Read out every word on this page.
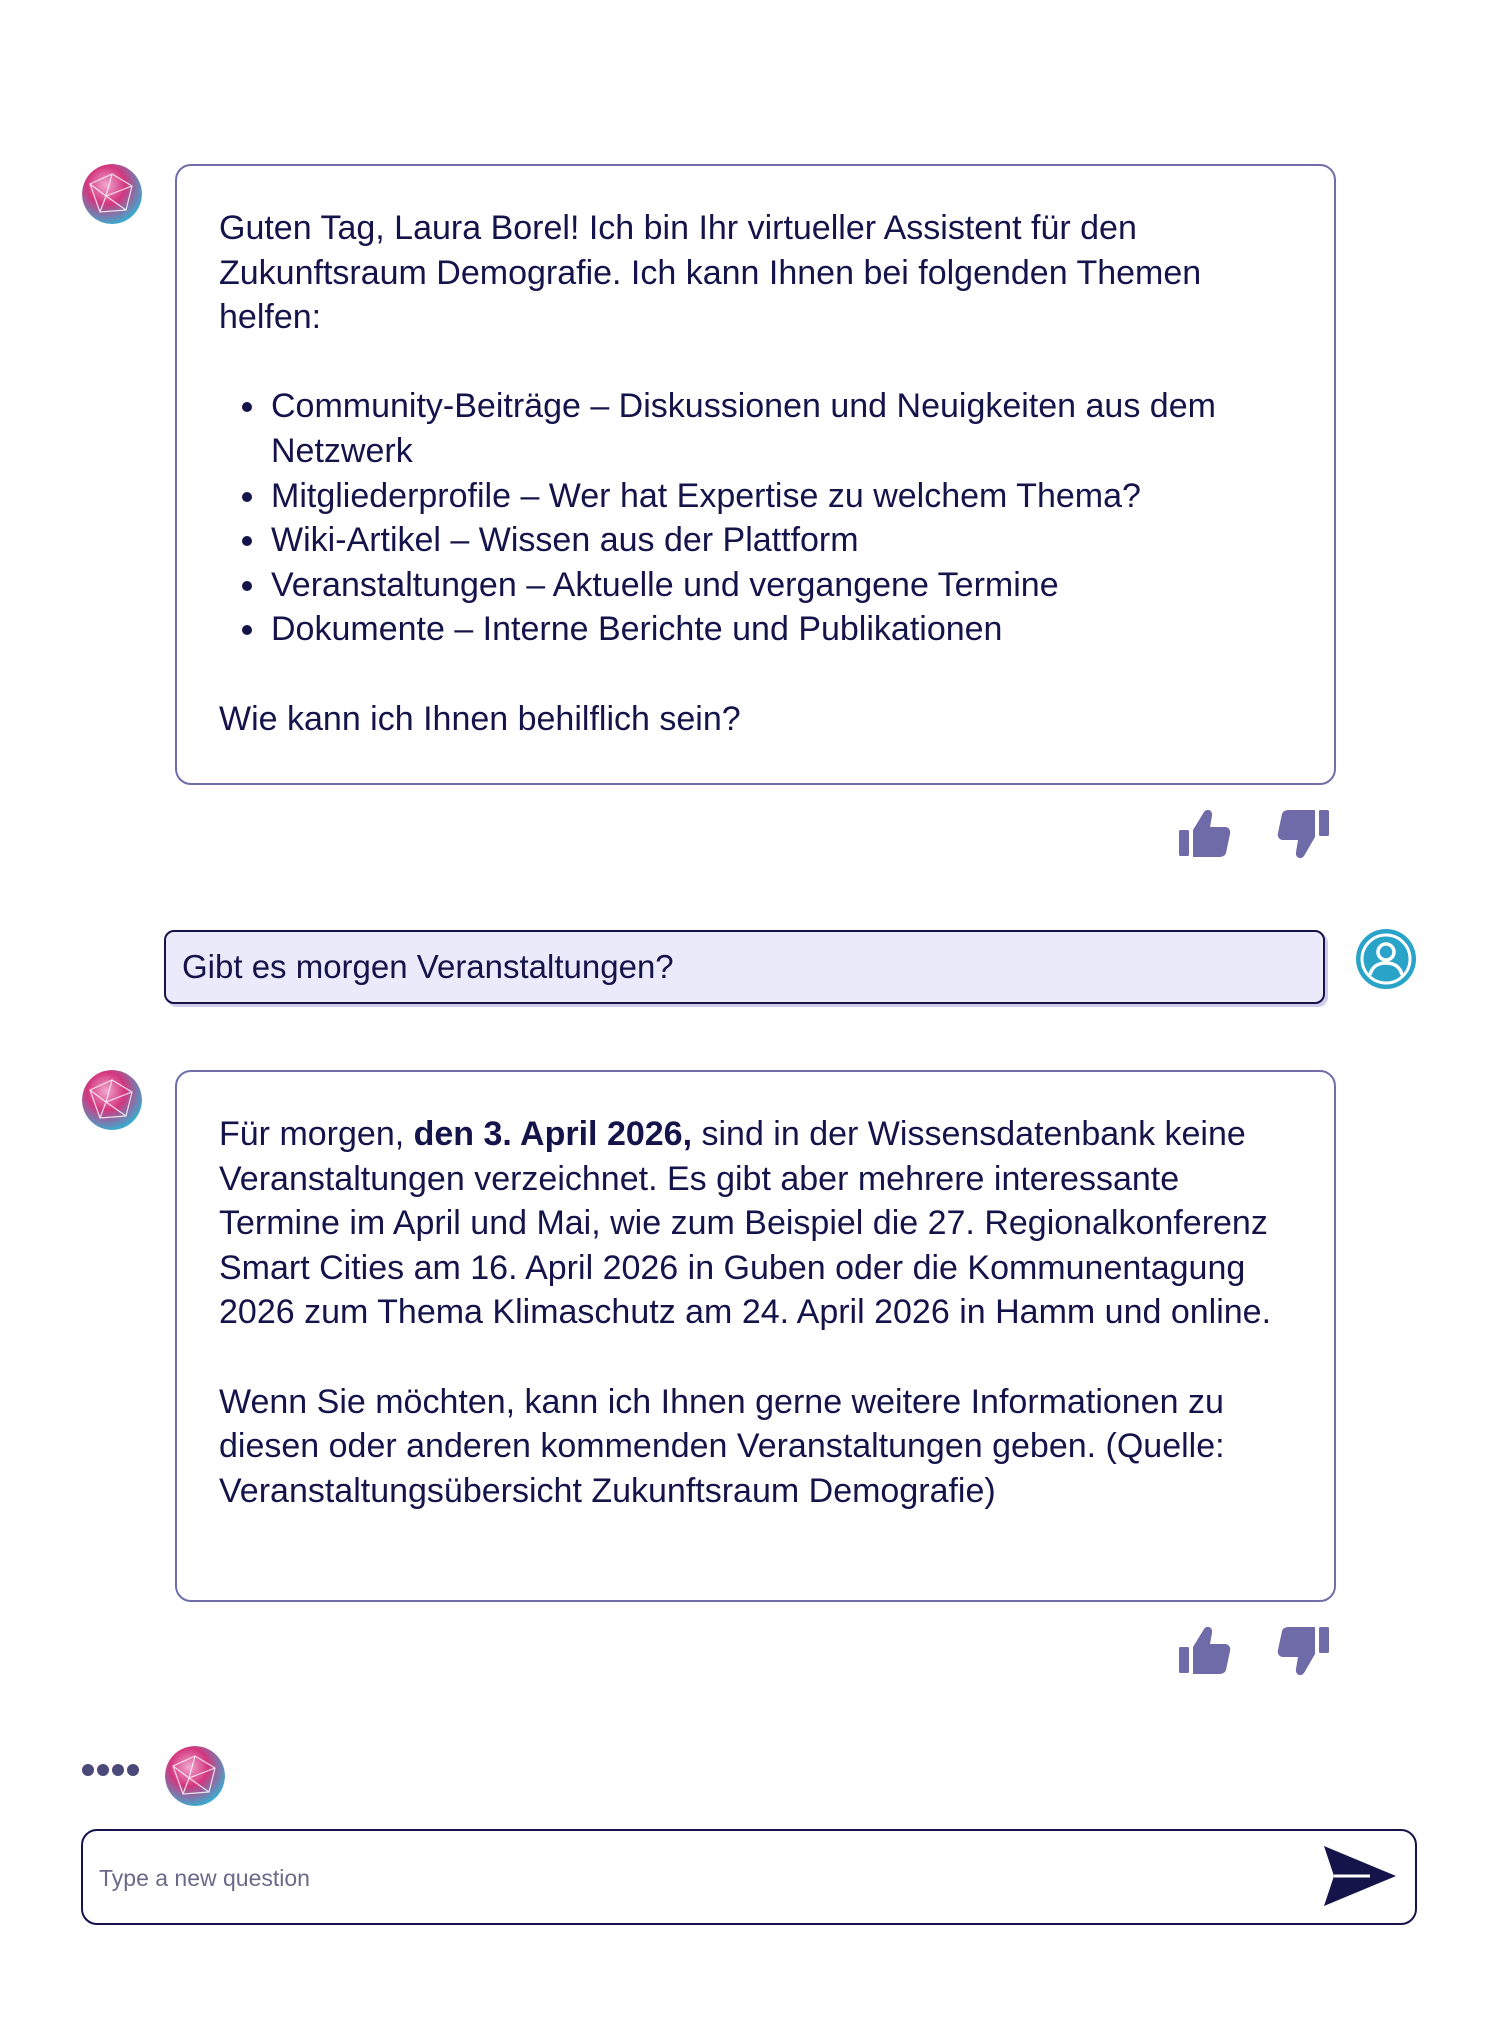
Guten Tag, Laura Borel! Ich bin Ihr virtueller Assistent für den Zukunftsraum Demografie. Ich kann Ihnen bei folgenden Themen helfen:

• Community-Beiträge – Diskussionen und Neuigkeiten aus dem Netzwerk
• Mitgliederprofile – Wer hat Expertise zu welchem Thema?
• Wiki-Artikel – Wissen aus der Plattform
• Veranstaltungen – Aktuelle und vergangene Termine
• Dokumente – Interne Berichte und Publikationen

Wie kann ich Ihnen behilflich sein?

Gibt es morgen Veranstaltungen?

Für morgen, den 3. April 2026, sind in der Wissensdatenbank keine Veranstaltungen verzeichnet. Es gibt aber mehrere interessante Termine im April und Mai, wie zum Beispiel die 27. Regionalkonferenz Smart Cities am 16. April 2026 in Guben oder die Kommunentagung 2026 zum Thema Klimaschutz am 24. April 2026 in Hamm und online.

Wenn Sie möchten, kann ich Ihnen gerne weitere Informationen zu diesen oder anderen kommenden Veranstaltungen geben. (Quelle: Veranstaltungsübersicht Zukunftsraum Demografie)

Type a new question
